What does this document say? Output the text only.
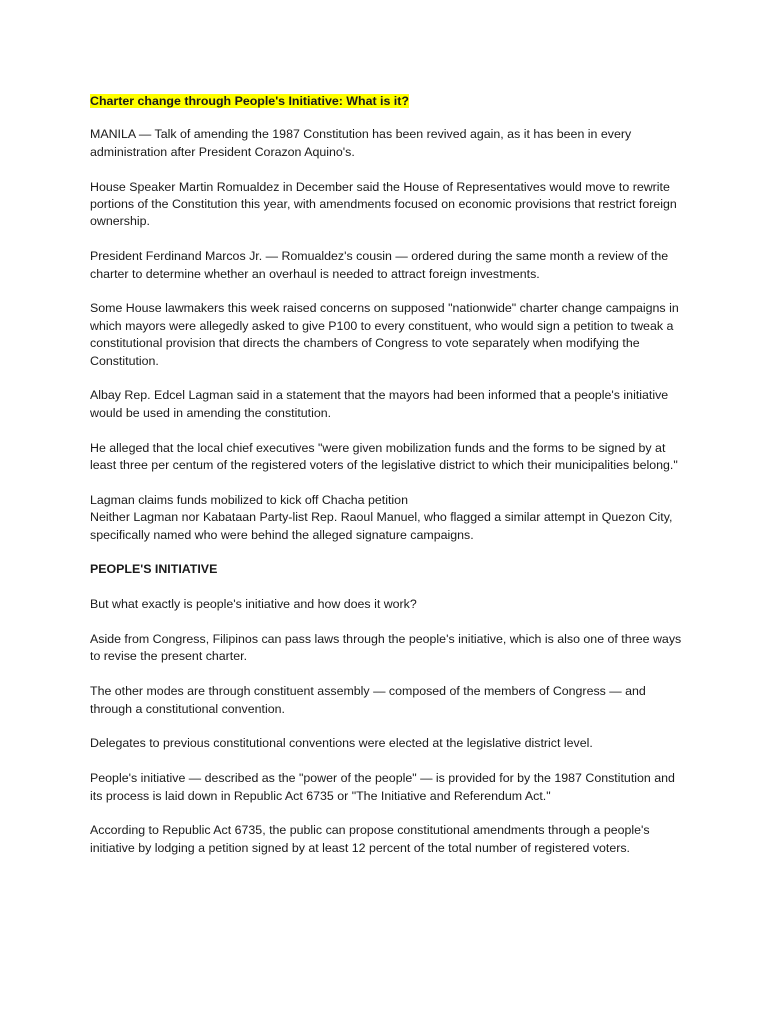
Charter change through People's Initiative: What is it?

MANILA — Talk of amending the 1987 Constitution has been revived again, as it has been in every administration after President Corazon Aquino's.

House Speaker Martin Romualdez in December said the House of Representatives would move to rewrite portions of the Constitution this year, with amendments focused on economic provisions that restrict foreign ownership.

President Ferdinand Marcos Jr. — Romualdez's cousin — ordered during the same month a review of the charter to determine whether an overhaul is needed to attract foreign investments.

Some House lawmakers this week raised concerns on supposed "nationwide" charter change campaigns in which mayors were allegedly asked to give P100 to every constituent, who would sign a petition to tweak a constitutional provision that directs the chambers of Congress to vote separately when modifying the Constitution.

Albay Rep. Edcel Lagman said in a statement that the mayors had been informed that a people's initiative would be used in amending the constitution.

He alleged that the local chief executives "were given mobilization funds and the forms to be signed by at least three per centum of the registered voters of the legislative district to which their municipalities belong."

Lagman claims funds mobilized to kick off Chacha petition

Neither Lagman nor Kabataan Party-list Rep. Raoul Manuel, who flagged a similar attempt in Quezon City, specifically named who were behind the alleged signature campaigns.

PEOPLE'S INITIATIVE

But what exactly is people's initiative and how does it work?

Aside from Congress, Filipinos can pass laws through the people's initiative, which is also one of three ways to revise the present charter.

The other modes are through constituent assembly — composed of the members of Congress — and through a constitutional convention.

Delegates to previous constitutional conventions were elected at the legislative district level.

People's initiative — described as the "power of the people" — is provided for by the 1987 Constitution and its process is laid down in Republic Act 6735 or "The Initiative and Referendum Act."

According to Republic Act 6735, the public can propose constitutional amendments through a people's initiative by lodging a petition signed by at least 12 percent of the total number of registered voters.
